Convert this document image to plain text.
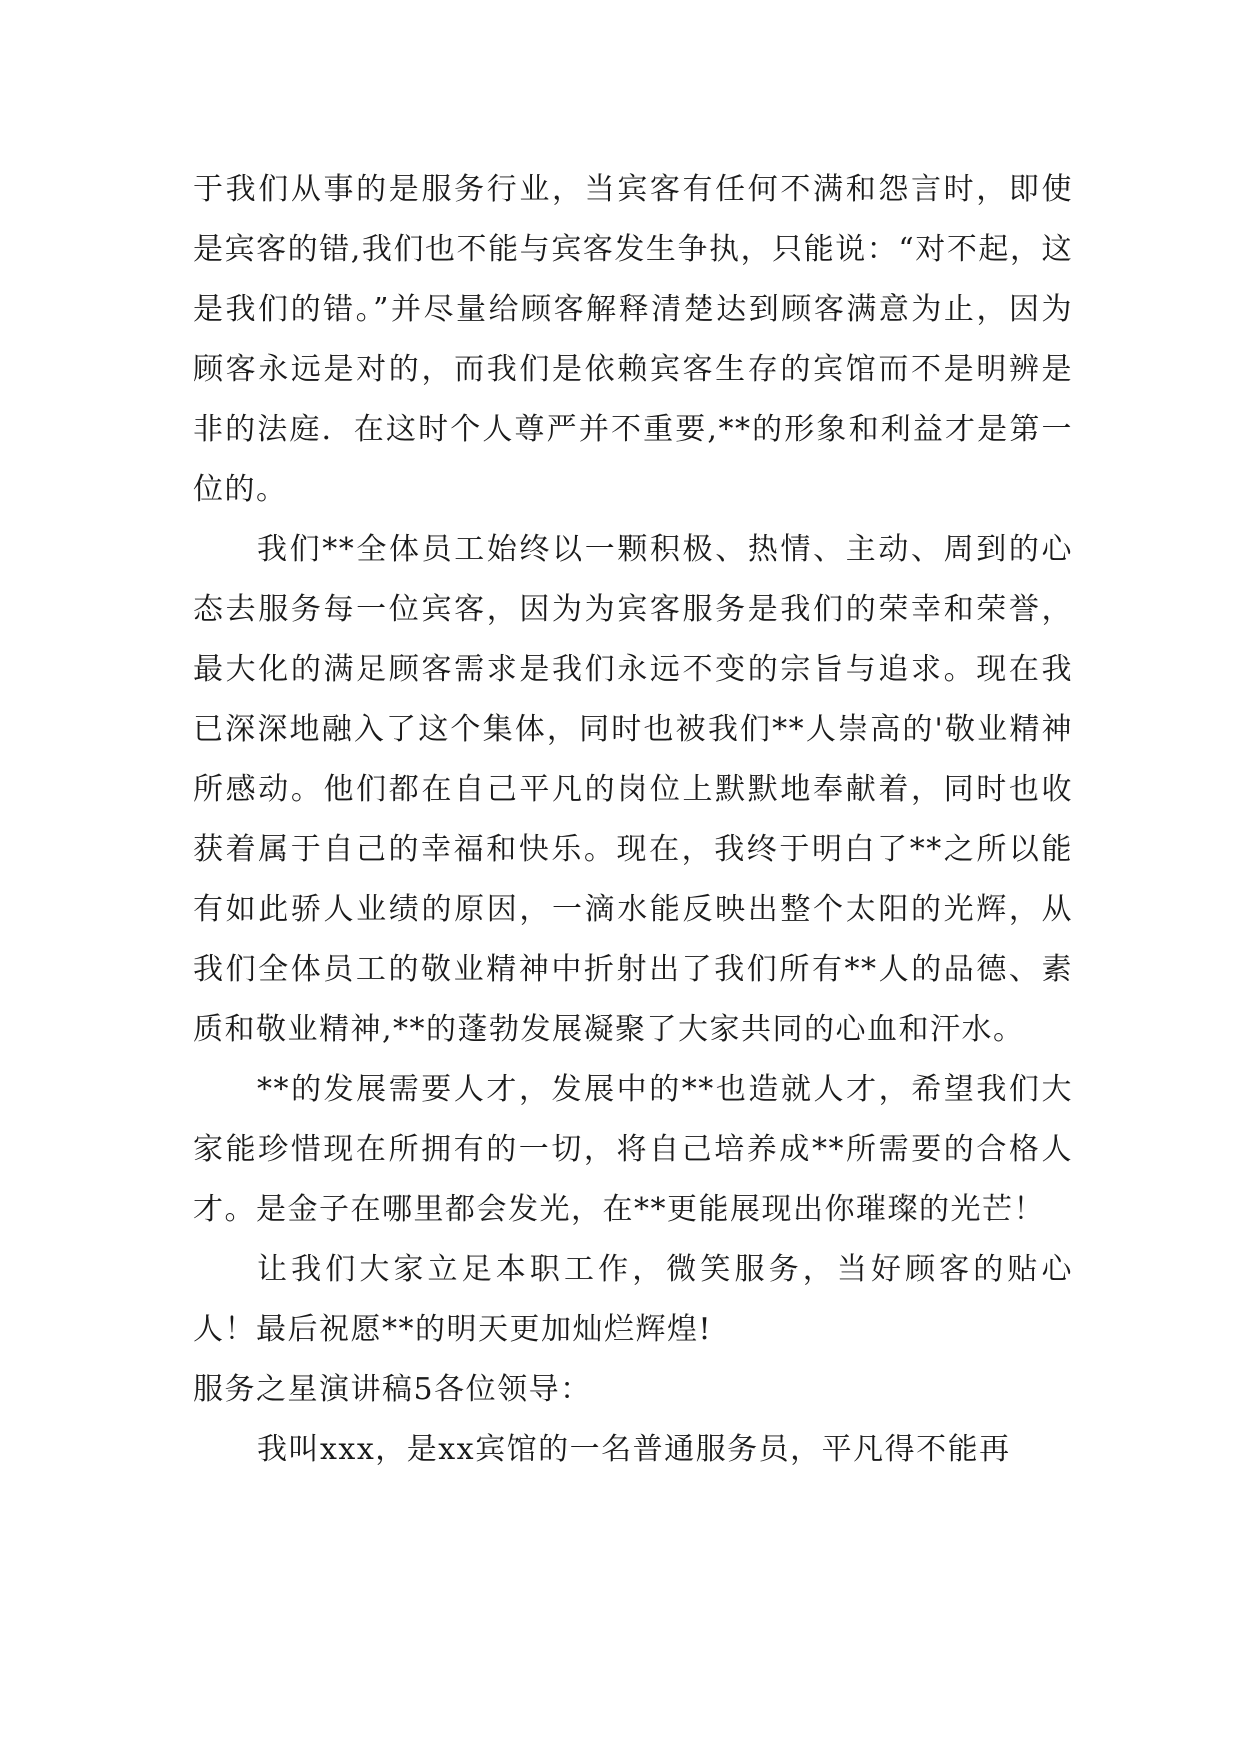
于我们从事的是服务行业，当宾客有任何不满和怨言时，即使是宾客的错,我们也不能与宾客发生争执，只能说：“对不起，这是我们的错。”并尽量给顾客解释清楚达到顾客满意为止，因为顾客永远是对的，而我们是依赖宾客生存的宾馆而不是明辨是非的法庭．在这时个人尊严并不重要,**的形象和利益才是第一位的。

我们**全体员工始终以一颗积极、热情、主动、周到的心态去服务每一位宾客，因为为宾客服务是我们的荣幸和荣誉，最大化的满足顾客需求是我们永远不变的宗旨与追求。现在我已深深地融入了这个集体，同时也被我们**人崇高的'敬业精神所感动。他们都在自己平凡的岗位上默默地奉献着，同时也收获着属于自己的幸福和快乐。现在，我终于明白了**之所以能有如此骄人业绩的原因，一滴水能反映出整个太阳的光辉，从我们全体员工的敬业精神中折射出了我们所有**人的品德、素质和敬业精神,**的蓬勃发展凝聚了大家共同的心血和汗水。

**的发展需要人才，发展中的**也造就人才，希望我们大家能珍惜现在所拥有的一切，将自己培养成**所需要的合格人才。是金子在哪里都会发光，在**更能展现出你璀璨的光芒！

让我们大家立足本职工作，微笑服务，当好顾客的贴心人！最后祝愿**的明天更加灿烂辉煌!

服务之星演讲稿5各位领导：

我叫xxx，是xx宾馆的一名普通服务员，平凡得不能再
